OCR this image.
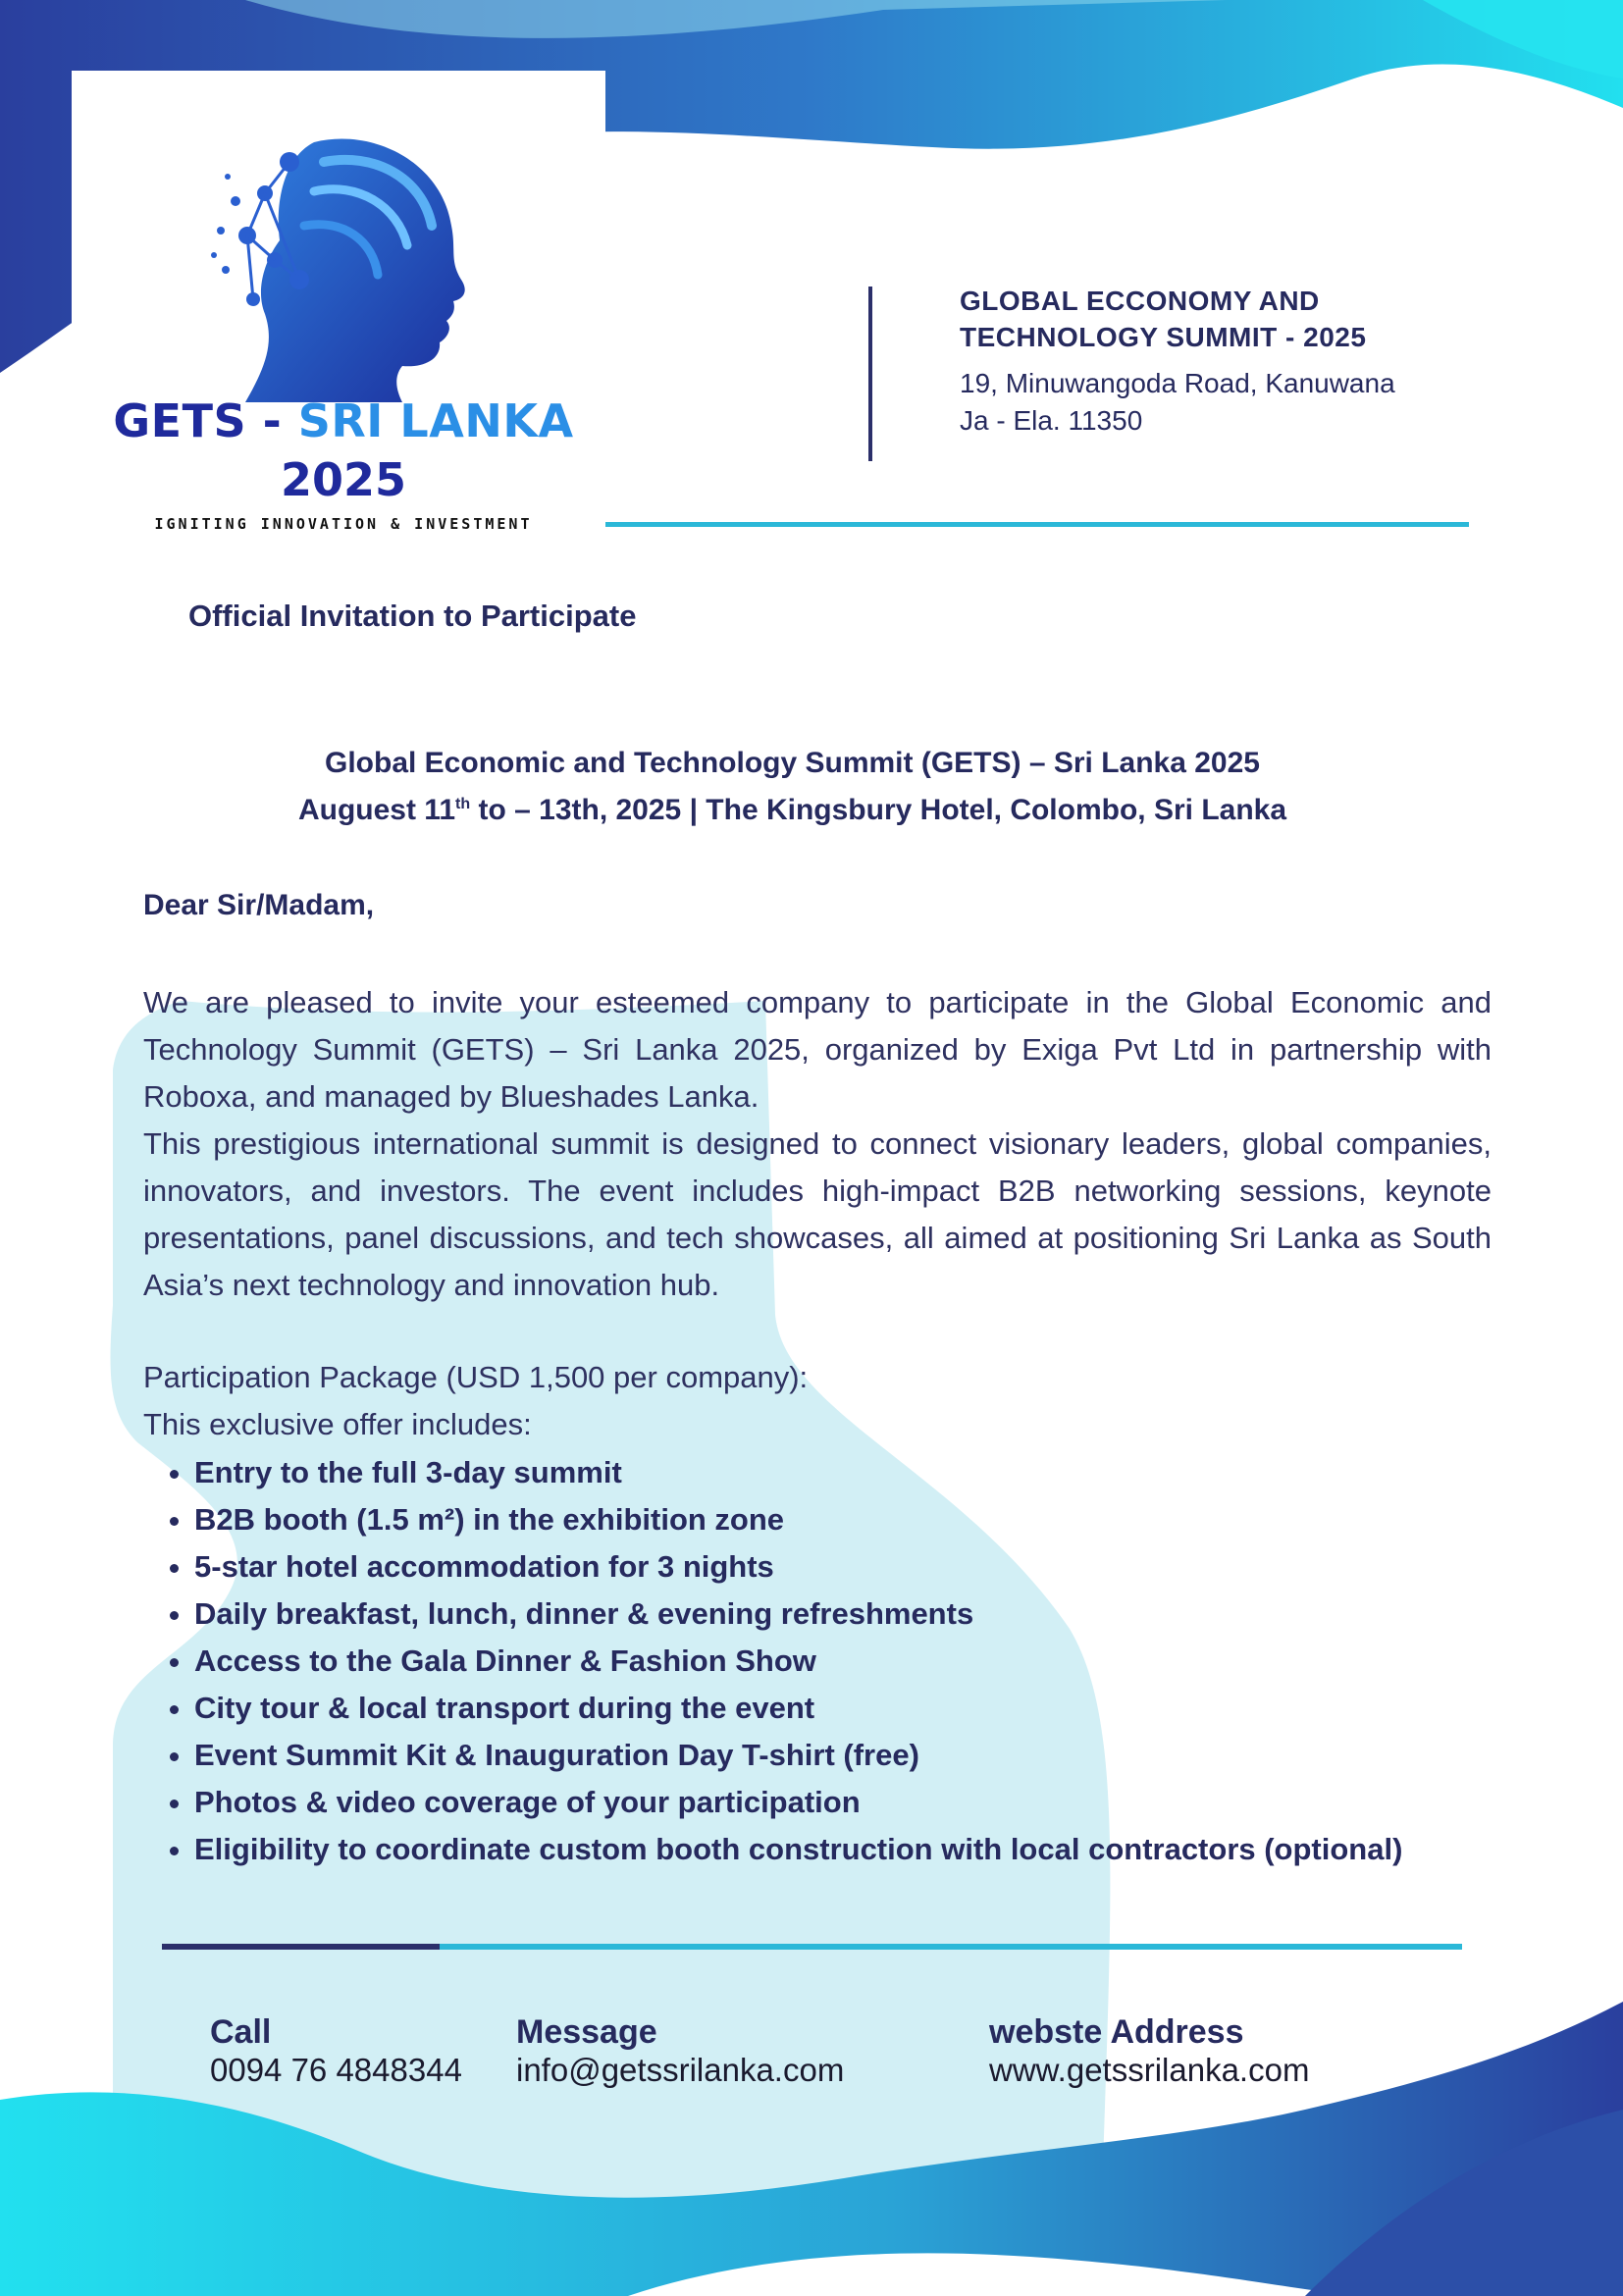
GETS - SRI LANKA
2025
IGNITING INNOVATION & INVESTMENT
GLOBAL ECCONOMY AND TECHNOLOGY SUMMIT - 2025
19, Minuwangoda Road, Kanuwana
Ja - Ela. 11350
Official Invitation to Participate
Global Economic and Technology Summit (GETS) – Sri Lanka 2025
Auguest 11th to – 13th, 2025 | The Kingsbury Hotel, Colombo, Sri Lanka
Dear Sir/Madam,
We are pleased to invite your esteemed company to participate in the Global Economic and Technology Summit (GETS) – Sri Lanka 2025, organized by Exiga Pvt Ltd in partnership with Roboxa, and managed by Blueshades Lanka.
This prestigious international summit is designed to connect visionary leaders, global companies, innovators, and investors. The event includes high-impact B2B networking sessions, keynote presentations, panel discussions, and tech showcases, all aimed at positioning Sri Lanka as South Asia’s next technology and innovation hub.
Participation Package (USD 1,500 per company):
This exclusive offer includes:
• Entry to the full 3-day summit
• B2B booth (1.5 m²) in the exhibition zone
• 5-star hotel accommodation for 3 nights
• Daily breakfast, lunch, dinner & evening refreshments
• Access to the Gala Dinner & Fashion Show
• City tour & local transport during the event
• Event Summit Kit & Inauguration Day T-shirt (free)
• Photos & video coverage of your participation
• Eligibility to coordinate custom booth construction with local contractors (optional)
Call
0094 76 4848344
Message
info@getssrilanka.com
webste Address
www.getssrilanka.com
